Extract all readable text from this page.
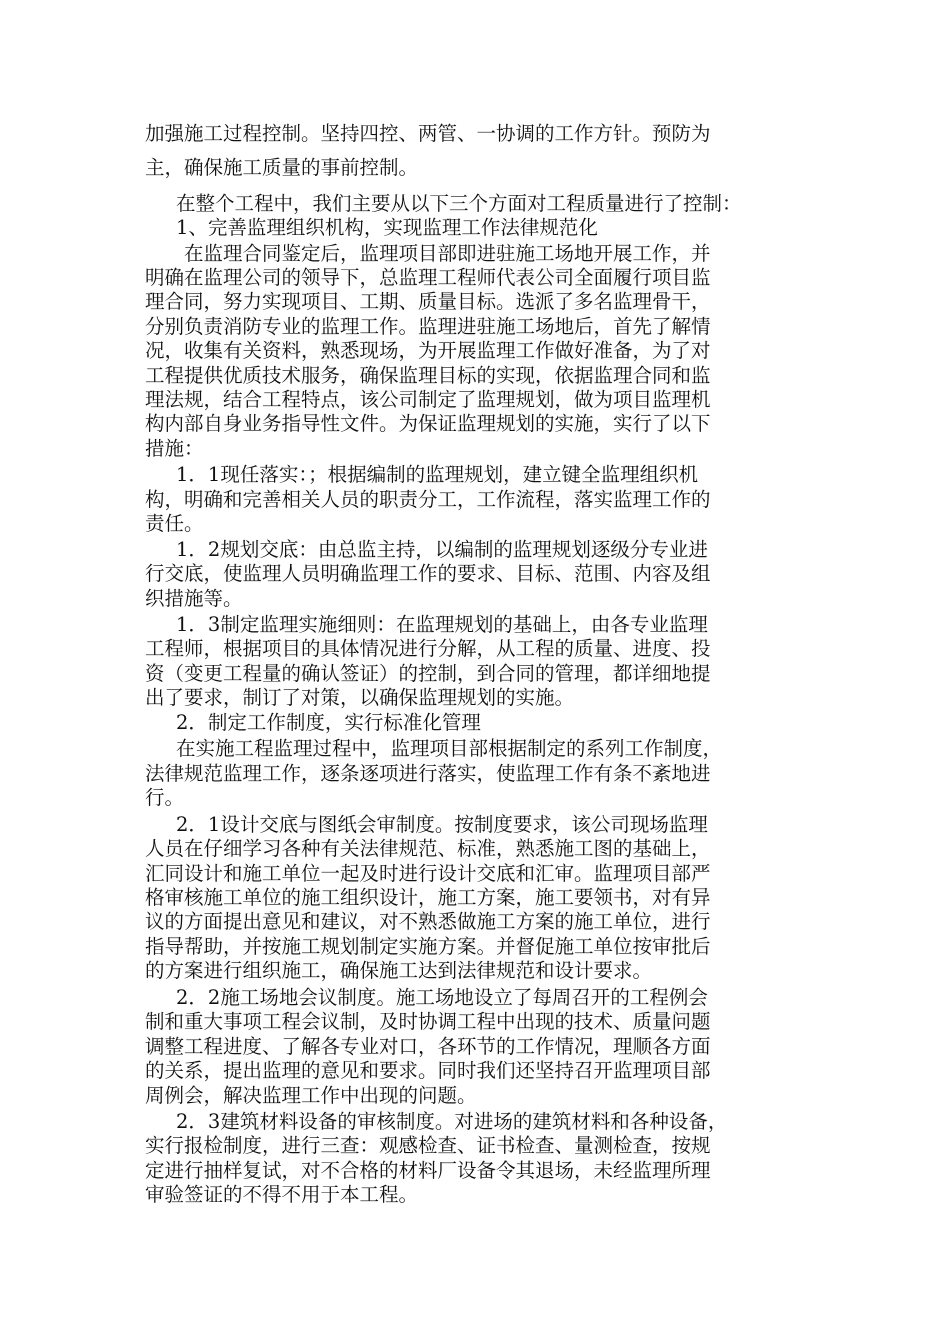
加强施工过程控制。坚持四控、两管、一协调的工作方针。预防为
主，确保施工质量的事前控制。
在整个工程中，我们主要从以下三个方面对工程质量进行了控制：
1、完善监理组织机构，实现监理工作法律规范化
在监理合同鉴定后，监理项目部即进驻施工场地开展工作，并
明确在监理公司的领导下，总监理工程师代表公司全面履行项目监
理合同，努力实现项目、工期、质量目标。选派了多名监理骨干，
分别负责消防专业的监理工作。监理进驻施工场地后，首先了解情
况，收集有关资料，熟悉现场，为开展监理工作做好准备，为了对
工程提供优质技术服务，确保监理目标的实现，依据监理合同和监
理法规，结合工程特点，该公司制定了监理规划，做为项目监理机
构内部自身业务指导性文件。为保证监理规划的实施，实行了以下
措施：
1．1现任落实：；根据编制的监理规划，建立键全监理组织机
构，明确和完善相关人员的职责分工，工作流程，落实监理工作的
责任。
1．2规划交底：由总监主持，以编制的监理规划逐级分专业进
行交底，使监理人员明确监理工作的要求、目标、范围、内容及组
织措施等。
1．3制定监理实施细则：在监理规划的基础上，由各专业监理
工程师，根据项目的具体情况进行分解，从工程的质量、进度、投
资（变更工程量的确认签证）的控制，到合同的管理，都详细地提
出了要求，制订了对策，以确保监理规划的实施。
2．制定工作制度，实行标准化管理
在实施工程监理过程中，监理项目部根据制定的系列工作制度，
法律规范监理工作，逐条逐项进行落实，使监理工作有条不紊地进
行。
2．1设计交底与图纸会审制度。按制度要求，该公司现场监理
人员在仔细学习各种有关法律规范、标准，熟悉施工图的基础上，
汇同设计和施工单位一起及时进行设计交底和汇审。监理项目部严
格审核施工单位的施工组织设计，施工方案，施工要领书，对有异
议的方面提出意见和建议，对不熟悉做施工方案的施工单位，进行
指导帮助，并按施工规划制定实施方案。并督促施工单位按审批后
的方案进行组织施工，确保施工达到法律规范和设计要求。
2．2施工场地会议制度。施工场地设立了每周召开的工程例会
制和重大事项工程会议制，及时协调工程中出现的技术、质量问题
调整工程进度、了解各专业对口，各环节的工作情况，理顺各方面
的关系，提出监理的意见和要求。同时我们还坚持召开监理项目部
周例会，解决监理工作中出现的问题。
2．3建筑材料设备的审核制度。对进场的建筑材料和各种设备，
实行报检制度，进行三查：观感检查、证书检查、量测检查，按规
定进行抽样复试，对不合格的材料厂设备令其退场，未经监理所理
审验签证的不得不用于本工程。
